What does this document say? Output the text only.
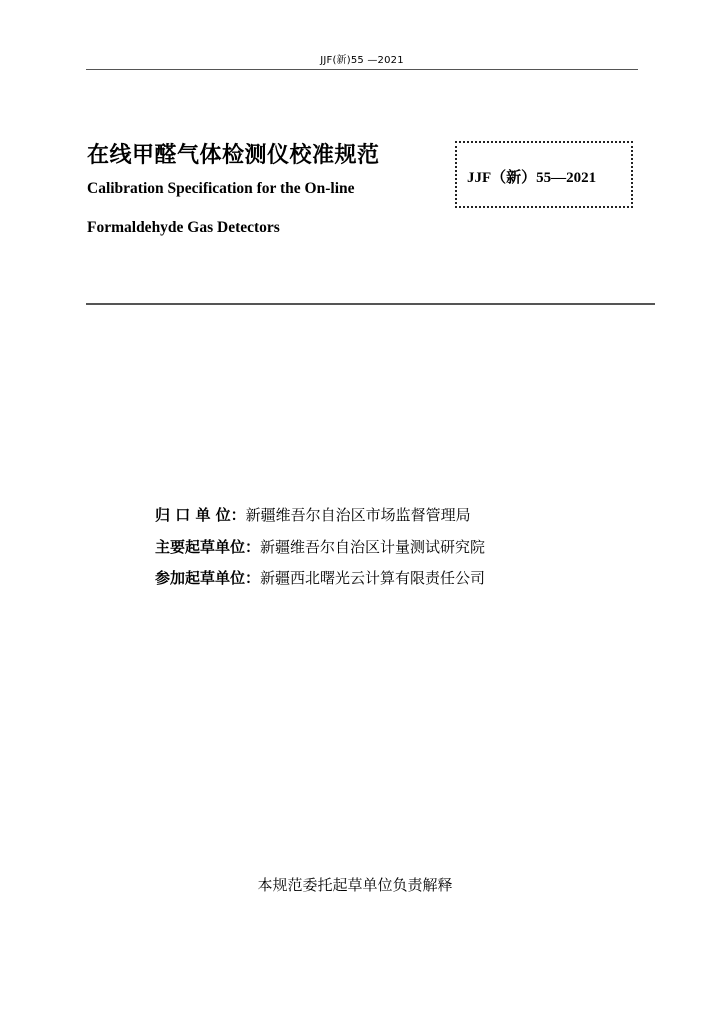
JJF(新)55 —2021
在线甲醛气体检测仪校准规范
Calibration Specification for the On-line
Formaldehyde Gas Detectors
JJF（新）55—2021
归 口 单 位：新疆维吾尔自治区市场监督管理局
主要起草单位：新疆维吾尔自治区计量测试研究院
参加起草单位：新疆西北曙光云计算有限责任公司
本规范委托起草单位负责解释
